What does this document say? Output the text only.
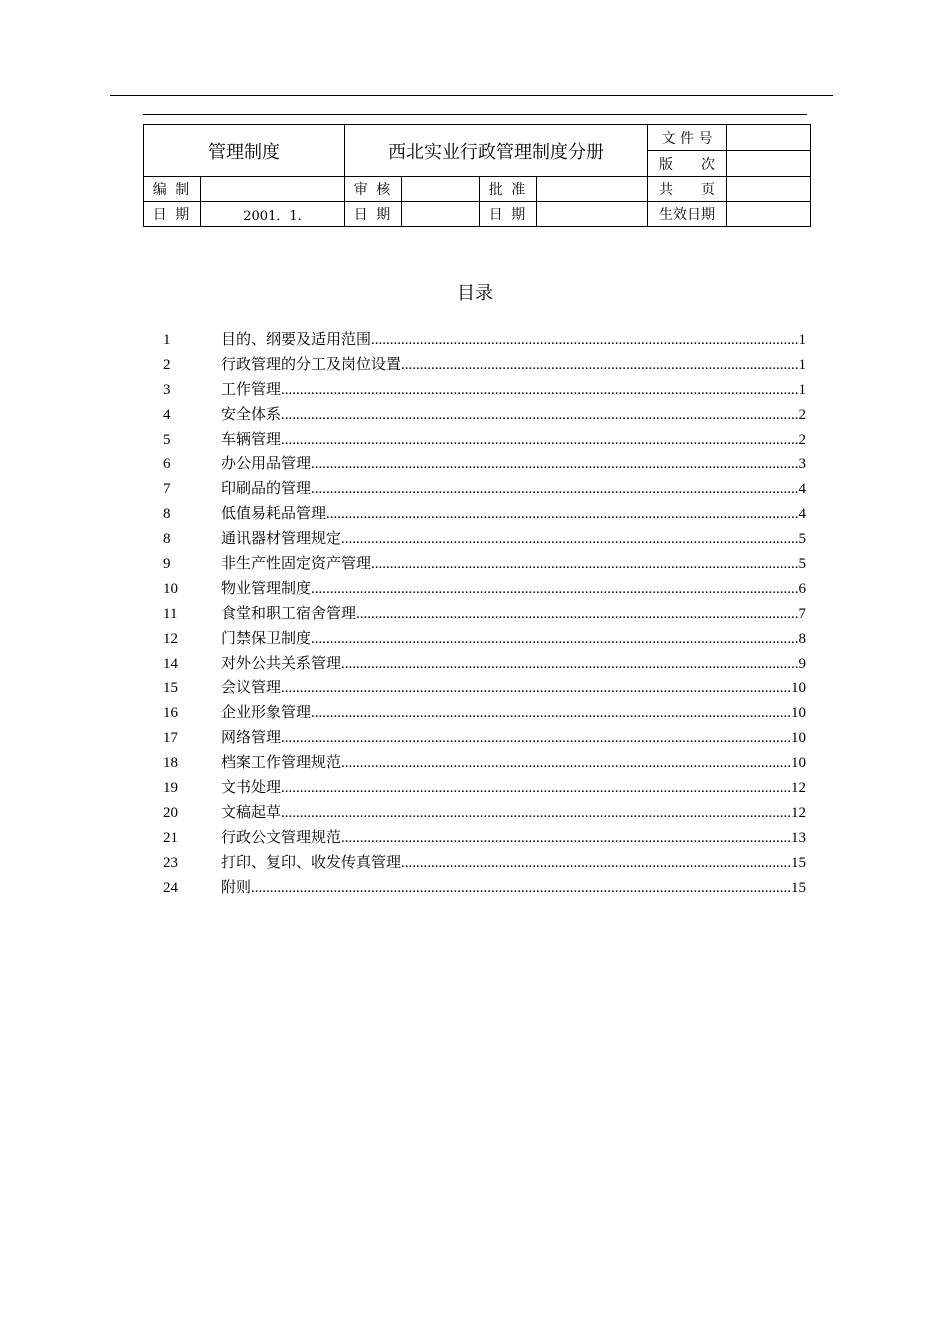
管理制度		西北实业行政管理制度分册				文 件 号	
						版　　次	
编 制		审 核		批 准		共　　页	
日 期	2001．1.	日 期		日 期		生效日期	
目录
1	目的、纲要及适用范围 .....	1
2	行政管理的分工及岗位设置 .....	1
3	工作管理 .....	1
4	安全体系 .....	2
5	车辆管理 .....	2
6	办公用品管理 .....	3
7	印刷品的管理 .....	4
8	低值易耗品管理 .....	4
8	通讯器材管理规定 .....	5
9	非生产性固定资产管理 .....	5
10	物业管理制度 .....	6
11	食堂和职工宿舍管理 .....	7
12	门禁保卫制度 .....	8
14	对外公共关系管理 .....	9
15	会议管理 .....	10
16	企业形象管理 .....	10
17	网络管理 .....	10
18	档案工作管理规范 .....	10
19	文书处理 .....	12
20	文稿起草 .....	12
21	行政公文管理规范 .....	13
23	打印、复印、收发传真管理 .....	15
24	附则 .....	15
